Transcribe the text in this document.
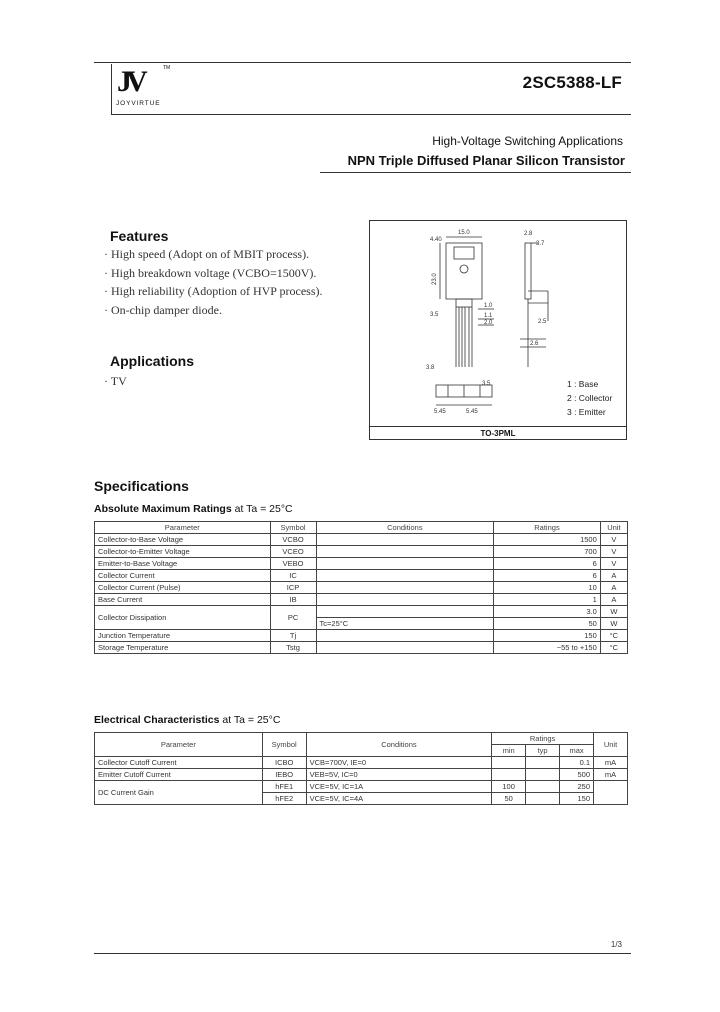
JV	TM
JOYVIRTUE
2SC5388-LF
High-Voltage Switching Applications
NPN Triple Diffused Planar Silicon Transistor
Features
· High speed (Adopt on of MBIT process).
· High breakdown voltage (VCBO=1500V).
· High reliability (Adoption of HVP process).
· On-chip damper diode.
Applications
· TV
4.40
15.0	2.8
3.7
23.0
3.5
1.0
1.1
2.0	2.5
3.8
2.6
5.45	5.45
3.5	1 : Base
2 : Collector
3 : Emitter
TO-3PML
Specifications
Absolute Maximum Ratings at Ta = 25°C
Parameter	Symbol	Conditions	Ratings	Unit
Collector-to-Base Voltage	VCBO		1500	V
Collector-to-Emitter Voltage	VCEO		700	V
Emitter-to-Base Voltage	VEBO		6	V
Collector Current	IC		6	A
Collector Current (Pulse)	ICP		10	A
Base Current	IB		1	A
Collector Dissipation	PC		3.0	W
		Tc=25°C	50	W
Junction Temperature	Tj		150	°C
Storage Temperature	Tstg		−55 to +150	°C
Electrical Characteristics at Ta = 25°C
Parameter	Symbol	Conditions	Ratings			Unit
			min	typ	max	
Collector Cutoff Current	ICBO	VCB=700V, IE=0			0.1	mA
Emitter Cutoff Current	IEBO	VEB=5V, IC=0			500	mA
DC Current Gain	hFE1	VCE=5V, IC=1A	100		250	
	hFE2	VCE=5V, IC=4A	50		150	
1/3
